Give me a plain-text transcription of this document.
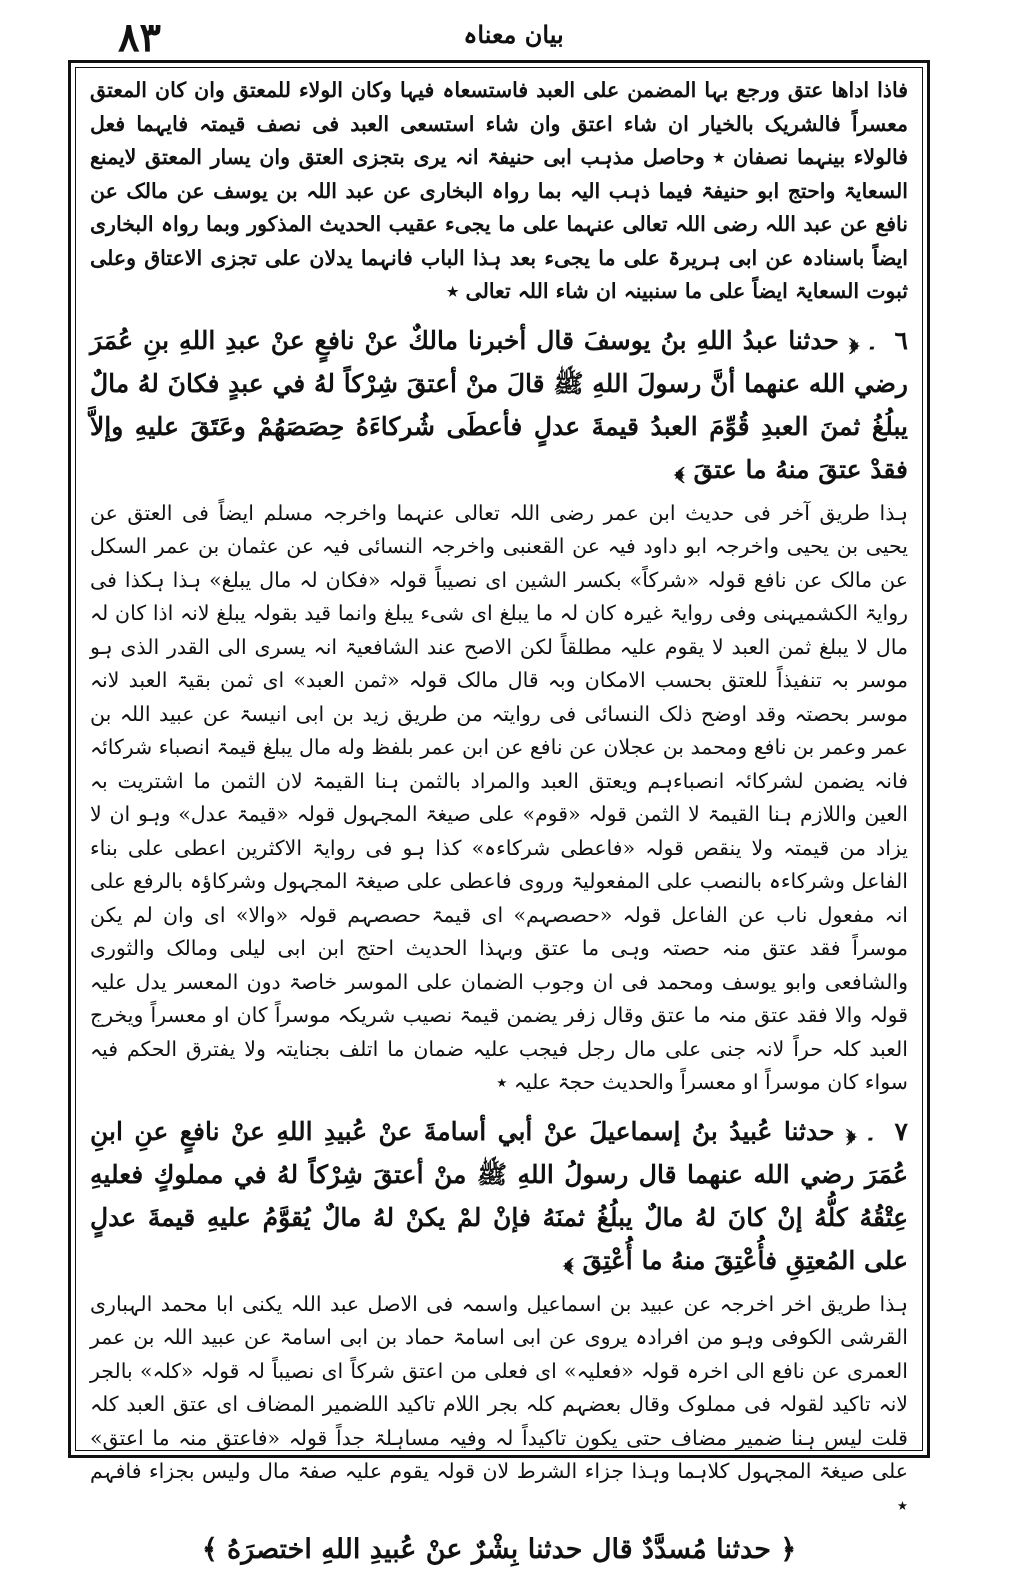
۸۳	بیان معناہ

فاذا اداھا عتق ورجع بہا المضمن علی العبد فاستسعاہ فیہا وکان الولاء للمعتق وان کان المعتق معسراً فالشریک بالخیار ان شاء اعتق وان شاء استسعی العبد فی نصف قیمتہ فایہما فعل فالولاء بینہما نصفان ٭ وحاصل مذہب ابی حنیفۃ انہ یری بتجزی العتق وان یسار المعتق لایمنع السعایۃ واحتج ابو حنیفۃ فیما ذہب الیہ بما رواہ البخاری عن عبد اللہ بن یوسف عن مالک عن نافع عن عبد اللہ رضی اللہ تعالی عنہما علی ما یجیء عقیب الحدیث المذکور وبما رواہ البخاری ایضاً باسنادہ عن ابی ہریرۃ علی ما یجیء بعد ہذا الباب فانہما یدلان علی تجزی الاعتاق وعلی ثبوت السعایۃ ایضاً علی ما سنبینہ ان شاء اللہ تعالی ٭

٦ ۔ ﴿ حدثنا عبدُ اللهِ بنُ يوسفَ قال أخبرنا مالكٌ عنْ نافعٍ عنْ عبدِ اللهِ بنِ عُمَرَ رضي الله عنهما أنَّ رسولَ اللهِ ﷺ قالَ منْ أعتقَ شِرْكاً لهُ في عبدٍ فكانَ لهُ مالٌ يبلُغُ ثمنَ العبدِ قُوِّمَ العبدُ قيمةَ عدلٍ فأعطَى شُركاءَهُ حِصَصَهُمْ وعَتَقَ عليهِ وإلاَّ فقدْ عتقَ منهُ ما عتقَ ﴾

ہذا طریق آخر فی حدیث ابن عمر رضی اللہ تعالی عنہما واخرجہ مسلم ایضاً فی العتق عن یحیی بن یحیی واخرجہ ابو داود فیہ عن القعنبی واخرجہ النسائی فیہ عن عثمان بن عمر السکل عن مالک عن نافع قولہ «شرکاً» بکسر الشین ای نصیباً قولہ «فکان لہ مال یبلغ» ہذا ہکذا فی روایۃ الکشمیہنی وفی روایۃ غیرہ کان لہ ما یبلغ ای شیء یبلغ وانما قید بقولہ یبلغ لانہ اذا کان لہ مال لا یبلغ ثمن العبد لا یقوم علیہ مطلقاً لکن الاصح عند الشافعیۃ انہ یسری الی القدر الذی ہو موسر بہ تنفیذاً للعتق بحسب الامکان وبہ قال مالک قولہ «ثمن العبد» ای ثمن بقیۃ العبد لانہ موسر بحصتہ وقد اوضح ذلک النسائی فی روایتہ من طریق زید بن ابی انیسۃ عن عبید اللہ بن عمر وعمر بن نافع ومحمد بن عجلان عن نافع عن ابن عمر بلفظ وله مال یبلغ قیمۃ انصباء شرکائہ فانہ یضمن لشرکائہ انصباءہم ویعتق العبد والمراد بالثمن ہنا القیمۃ لان الثمن ما اشتریت بہ العین واللازم ہنا القیمۃ لا الثمن قولہ «قوم» علی صیغۃ المجہول قولہ «قیمۃ عدل» وہو ان لا یزاد من قیمتہ ولا ینقص قولہ «فاعطی شرکاءہ» کذا ہو فی روایۃ الاکثرین اعطی علی بناء الفاعل وشرکاءہ بالنصب علی المفعولیۃ وروی فاعطی علی صیغۃ المجہول وشرکاؤہ بالرفع علی انہ مفعول ناب عن الفاعل قولہ «حصصہم» ای قیمۃ حصصہم قولہ «والا» ای وان لم یکن موسراً فقد عتق منہ حصتہ وہی ما عتق وبہذا الحدیث احتج ابن ابی لیلی ومالک والثوری والشافعی وابو یوسف ومحمد فی ان وجوب الضمان علی الموسر خاصۃ دون المعسر یدل علیہ قولہ والا فقد عتق منہ ما عتق وقال زفر یضمن قیمۃ نصیب شریکہ موسراً کان او معسراً ویخرج العبد کلہ حراً لانہ جنی علی مال رجل فیجب علیہ ضمان ما اتلف بجنایتہ ولا یفترق الحکم فیہ سواء کان موسراً او معسراً والحدیث حجۃ علیہ ٭

٧ ۔ ﴿ حدثنا عُبيدُ بنُ إسماعيلَ عنْ أبي أسامةَ عنْ عُبيدِ اللهِ عنْ نافعٍ عنِ ابنِ عُمَرَ رضي الله عنهما قال رسولُ اللهِ ﷺ منْ أعتقَ شِرْكاً لهُ في مملوكٍ فعليهِ عِتْقُهُ كلُّهُ إنْ كانَ لهُ مالٌ يبلُغُ ثمنَهُ فإنْ لمْ يكنْ لهُ مالٌ يُقوَّمُ عليهِ قيمةَ عدلٍ على المُعتِقِ فأُعْتِقَ منهُ ما أُعْتِقَ ﴾

ہذا طریق اخر اخرجہ عن عبید بن اسماعیل واسمہ فی الاصل عبد اللہ یکنی ابا محمد الہباری القرشی الکوفی وہو من افرادہ یروی عن ابی اسامۃ حماد بن ابی اسامۃ عن عبید اللہ بن عمر العمری عن نافع الی اخرہ قولہ «فعلیہ» ای فعلی من اعتق شرکاً ای نصیباً لہ قولہ «کلہ» بالجر لانہ تاکید لقولہ فی مملوک وقال بعضہم کلہ بجر اللام تاکید اللضمیر المضاف ای عتق العبد کلہ قلت لیس ہنا ضمیر مضاف حتی یکون تاکیداً لہ وفیہ مساہلۃ جداً قولہ «فاعتق منہ ما اعتق» علی صیغۃ المجہول کلاہما وہذا جزاء الشرط لان قولہ یقوم علیہ صفۃ مال ولیس بجزاء فافہم ٭

﴿ حدثنا مُسدَّدٌ قال حدثنا بِشْرٌ عنْ عُبيدِ اللهِ اختصرَهُ ﴾
